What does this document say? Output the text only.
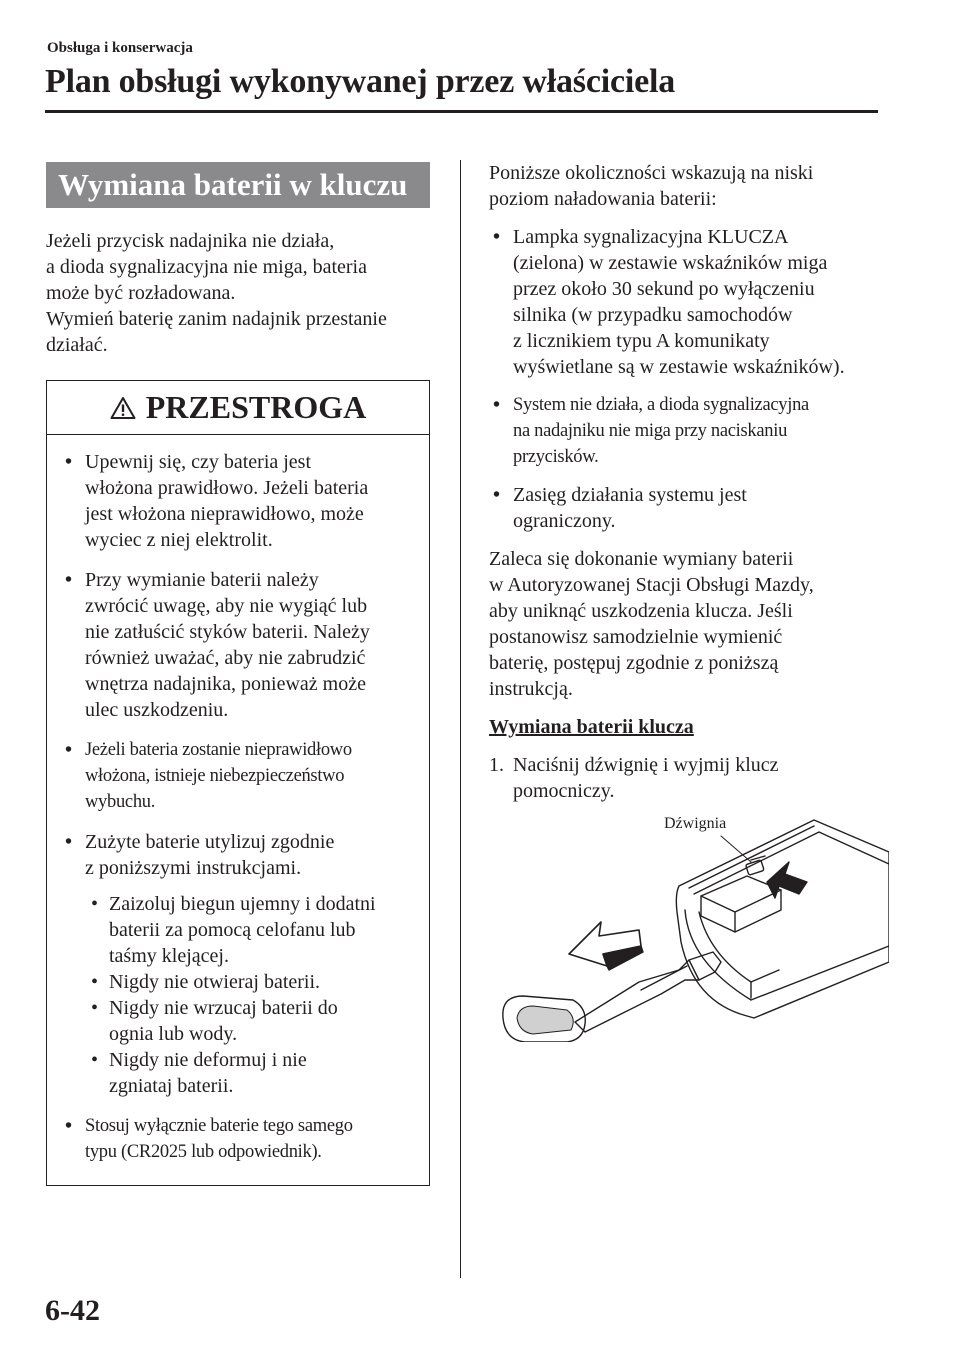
Obsługa i konserwacja
Plan obsługi wykonywanej przez właściciela
Wymiana baterii w kluczu
Jeżeli przycisk nadajnika nie działa,
a dioda sygnalizacyjna nie miga, bateria
może być rozładowana.
Wymień baterię zanim nadajnik przestanie
działać.
PRZESTROGA
• Upewnij się, czy bateria jest
włożona prawidłowo. Jeżeli bateria
jest włożona nieprawidłowo, może
wyciec z niej elektrolit.
• Przy wymianie baterii należy
zwrócić uwagę, aby nie wygiąć lub
nie zatłuścić styków baterii. Należy
również uważać, aby nie zabrudzić
wnętrza nadajnika, ponieważ może
ulec uszkodzeniu.
• Jeżeli bateria zostanie nieprawidłowo
włożona, istnieje niebezpieczeństwo
wybuchu.
• Zużyte baterie utylizuj zgodnie
z poniższymi instrukcjami.
• Zaizoluj biegun ujemny i dodatni
baterii za pomocą celofanu lub
taśmy klejącej.
• Nigdy nie otwieraj baterii.
• Nigdy nie wrzucaj baterii do
ognia lub wody.
• Nigdy nie deformuj i nie
zgniataj baterii.
• Stosuj wyłącznie baterie tego samego
typu (CR2025 lub odpowiednik).
Poniższe okoliczności wskazują na niski
poziom naładowania baterii:
• Lampka sygnalizacyjna KLUCZA
(zielona) w zestawie wskaźników miga
przez około 30 sekund po wyłączeniu
silnika (w przypadku samochodów
z licznikiem typu A komunikaty
wyświetlane są w zestawie wskaźników).
• System nie działa, a dioda sygnalizacyjna
na nadajniku nie miga przy naciskaniu
przycisków.
• Zasięg działania systemu jest
ograniczony.
Zaleca się dokonanie wymiany baterii
w Autoryzowanej Stacji Obsługi Mazdy,
aby uniknąć uszkodzenia klucza. Jeśli
postanowisz samodzielnie wymienić
baterię, postępuj zgodnie z poniższą
instrukcją.
Wymiana baterii klucza
1. Naciśnij dźwignię i wyjmij klucz
pomocniczy.
Dźwignia
6-42
